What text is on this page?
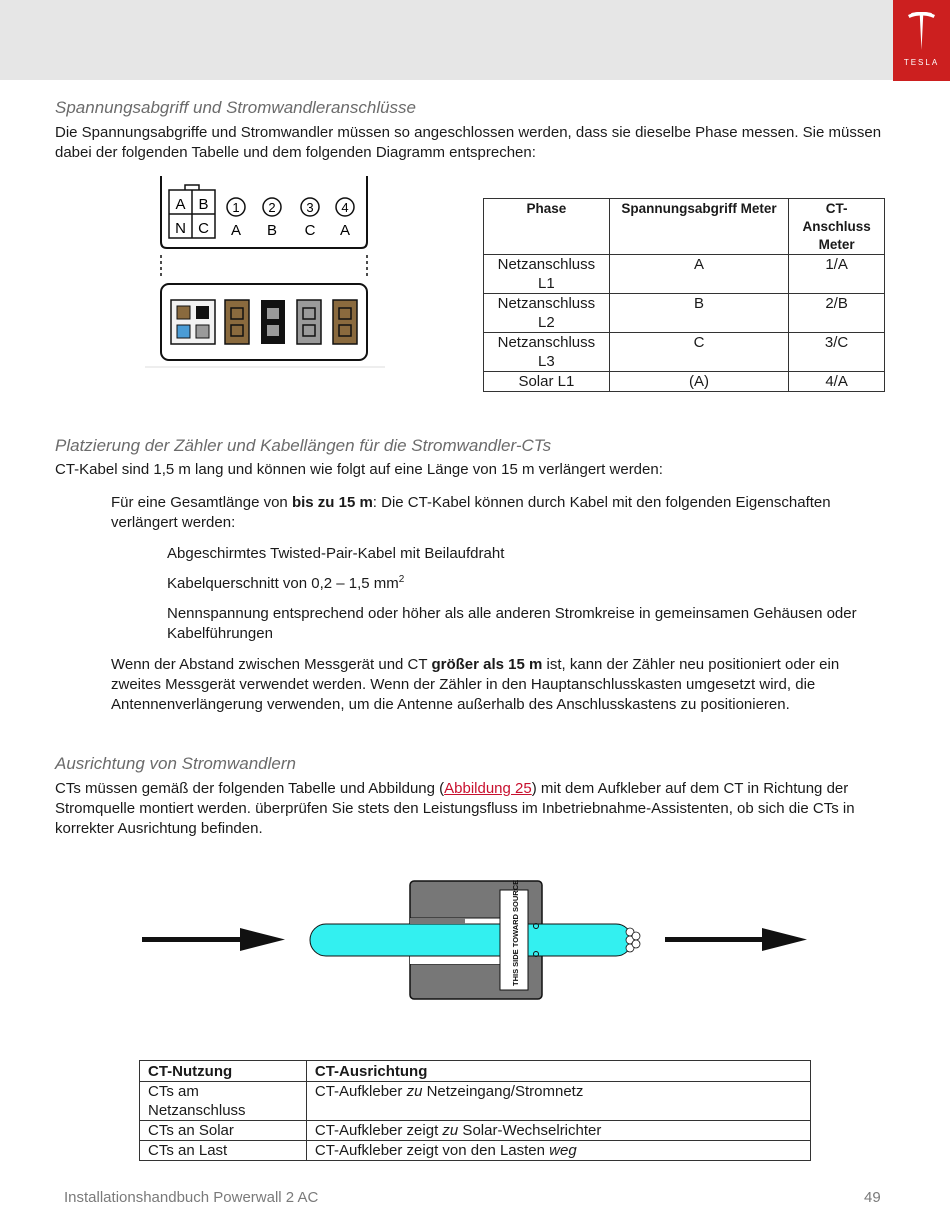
TESLA
Spannungsabgriff und Stromwandleranschlüsse

Die Spannungsabgriffe und Stromwandler müssen so angeschlossen werden, dass sie dieselbe Phase messen. Sie müssen dabei der folgenden Tabelle und dem folgenden Diagramm entsprechen:

A B
N C
1
A
2
B
3
C
4
A
Phase	Spannungsabgriff Meter	CT-Anschluss Meter
Netzanschluss L1	A	1/A
Netzanschluss L2	B	2/B
Netzanschluss L3	C	3/C
Solar L1	(A)	4/A
Platzierung der Zähler und Kabellängen für die Stromwandler-CTs

CT-Kabel sind 1,5 m lang und können wie folgt auf eine Länge von 15 m verlängert werden:

Für eine Gesamtlänge von bis zu 15 m: Die CT-Kabel können durch Kabel mit den folgenden Eigenschaften verlängert werden:

Abgeschirmtes Twisted-Pair-Kabel mit Beilaufdraht

Kabelquerschnitt von 0,2 – 1,5 $mm^2$

Nennspannung entsprechend oder höher als alle anderen Stromkreise in gemeinsamen Gehäusen oder Kabelführungen

Wenn der Abstand zwischen Messgerät und CT größer als 15 m ist, kann der Zähler neu positioniert oder ein zweites Messgerät verwendet werden. Wenn der Zähler in den Hauptanschlusskasten umgesetzt wird, die Antennenverlängerung verwenden, um die Antenne außerhalb des Anschlusskastens zu positionieren.

Ausrichtung von Stromwandlern

CTs müssen gemäß der folgenden Tabelle und Abbildung (Abbildung 25) mit dem Aufkleber auf dem CT in Richtung der Stromquelle montiert werden. überprüfen Sie stets den Leistungsfluss im Inbetriebnahme-Assistenten, ob sich die CTs in korrekter Ausrichtung befinden.

THIS SIDE TOWARD SOURCE
CT-Nutzung	CT-Ausrichtung
CTs am Netzanschluss	CT-Aufkleber zu Netzeingang/Stromnetz
CTs an Solar	CT-Aufkleber zeigt zu Solar-Wechselrichter
CTs an Last	CT-Aufkleber zeigt von den Lasten weg
Installationshandbuch Powerwall 2 AC	49
